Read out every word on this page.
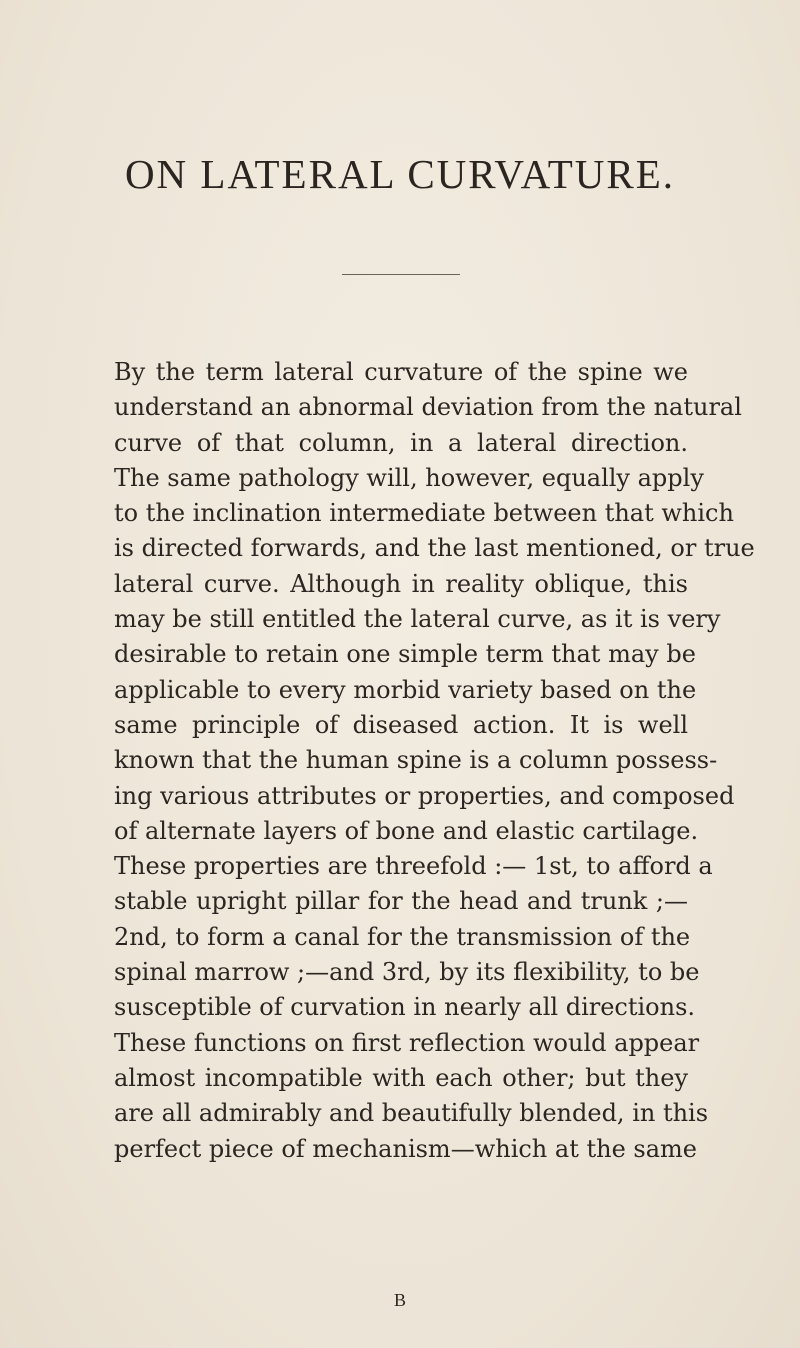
ON LATERAL CURVATURE.
By the term lateral curvature of the spine we
understand an abnormal deviation from the natural
curve of that column, in a lateral direction.
The same pathology will, however, equally apply
to the inclination intermediate between that which
is directed forwards, and the last mentioned, or true
lateral curve. Although in reality oblique, this
may be still entitled the lateral curve, as it is very
desirable to retain one simple term that may be
applicable to every morbid variety based on the
same principle of diseased action. It is well
known that the human spine is a column possess-
ing various attributes or properties, and composed
of alternate layers of bone and elastic cartilage.
These properties are threefold :— 1st, to afford a
stable upright pillar for the head and trunk ;—
2nd, to form a canal for the transmission of the
spinal marrow ;—and 3rd, by its flexibility, to be
susceptible of curvation in nearly all directions.
These functions on first reflection would appear
almost incompatible with each other; but they
are all admirably and beautifully blended, in this
perfect piece of mechanism—which at the same
B
